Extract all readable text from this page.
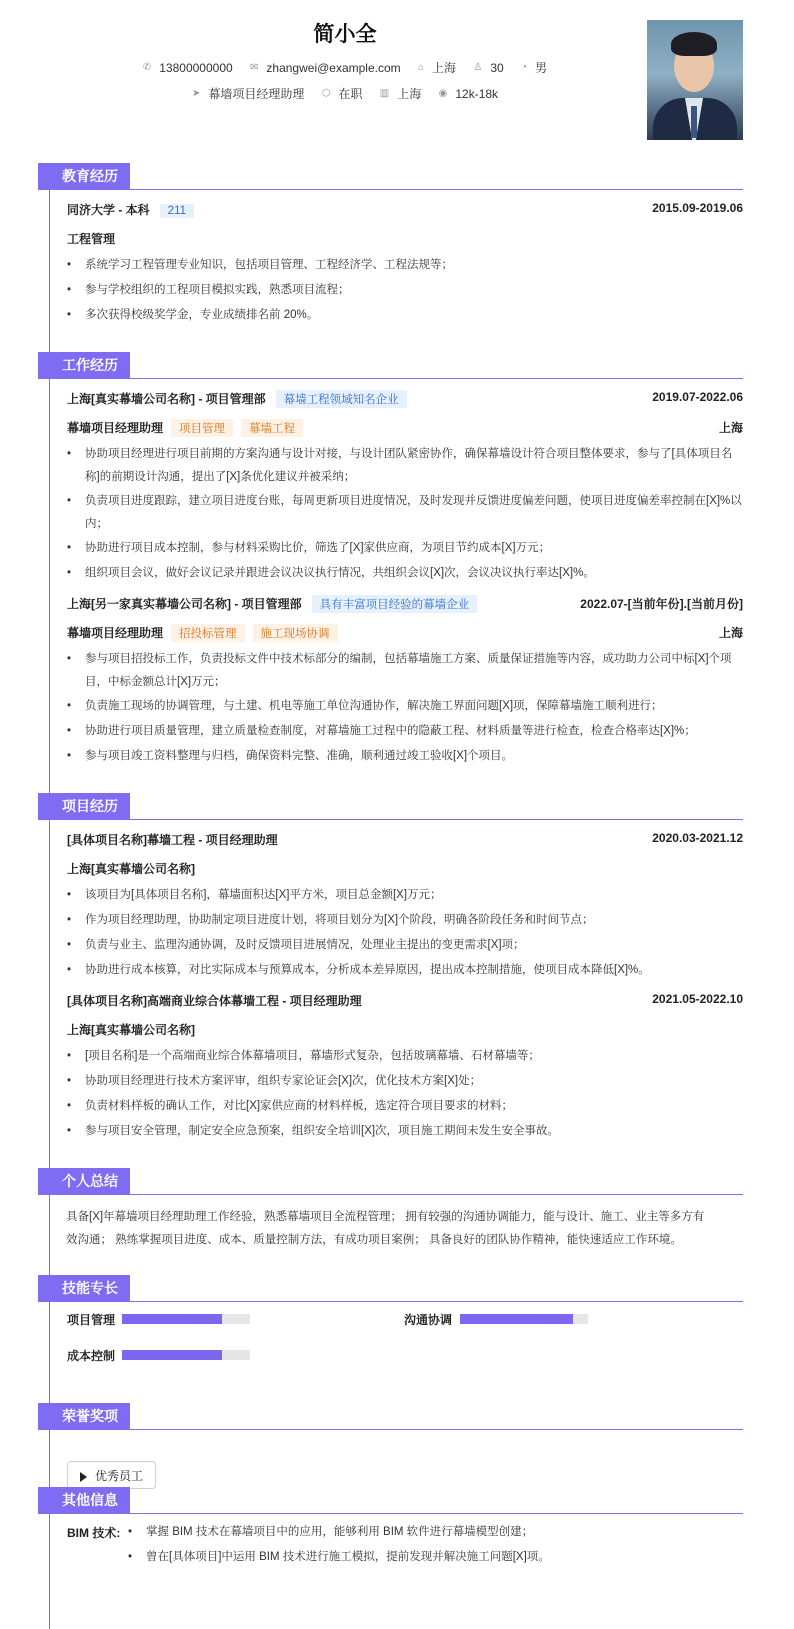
简小全
✆ 13800000000
✉ zhangwei@example.com
⌂ 上海
♙ 30
◔ 男
➤ 幕墙项目经理助理
⬡ 在职
▥ 上海
◉ 12k-18k
教育经历
同济大学 - 本科 211	2015.09-2019.06
工程管理
• 系统学习工程管理专业知识，包括项目管理、工程经济学、工程法规等；
• 参与学校组织的工程项目模拟实践，熟悉项目流程；
• 多次获得校级奖学金，专业成绩排名前 20%。
工作经历
上海[真实幕墙公司名称] - 项目管理部 幕墙工程领域知名企业	2019.07-2022.06
幕墙项目经理助理 项目管理 幕墙工程	上海
• 协助项目经理进行项目前期的方案沟通与设计对接，与设计团队紧密协作，确保幕墙设计符合项目整体要求，参与了[具体项目名称]的前期设计沟通，提出了[X]条优化建议并被采纳；
• 负责项目进度跟踪，建立项目进度台账，每周更新项目进度情况，及时发现并反馈进度偏差问题，使项目进度偏差率控制在[X]%以内；
• 协助进行项目成本控制，参与材料采购比价，筛选了[X]家供应商，为项目节约成本[X]万元；
• 组织项目会议，做好会议记录并跟进会议决议执行情况，共组织会议[X]次，会议决议执行率达[X]%。
上海[另一家真实幕墙公司名称] - 项目管理部 具有丰富项目经验的幕墙企业	2022.07-[当前年份].[当前月份]
幕墙项目经理助理 招投标管理 施工现场协调	上海
• 参与项目招投标工作，负责投标文件中技术标部分的编制，包括幕墙施工方案、质量保证措施等内容，成功助力公司中标[X]个项目，中标金额总计[X]万元；
• 负责施工现场的协调管理，与土建、机电等施工单位沟通协作，解决施工界面问题[X]项，保障幕墙施工顺利进行；
• 协助进行项目质量管理，建立质量检查制度，对幕墙施工过程中的隐蔽工程、材料质量等进行检查，检查合格率达[X]%；
• 参与项目竣工资料整理与归档，确保资料完整、准确，顺利通过竣工验收[X]个项目。
项目经历
[具体项目名称]幕墙工程 - 项目经理助理	2020.03-2021.12
上海[真实幕墙公司名称]
• 该项目为[具体项目名称]，幕墙面积达[X]平方米，项目总金额[X]万元；
• 作为项目经理助理，协助制定项目进度计划，将项目划分为[X]个阶段，明确各阶段任务和时间节点；
• 负责与业主、监理沟通协调，及时反馈项目进展情况，处理业主提出的变更需求[X]项；
• 协助进行成本核算，对比实际成本与预算成本，分析成本差异原因，提出成本控制措施，使项目成本降低[X]%。
[具体项目名称]高端商业综合体幕墙工程 - 项目经理助理	2021.05-2022.10
上海[真实幕墙公司名称]
• [项目名称]是一个高端商业综合体幕墙项目，幕墙形式复杂，包括玻璃幕墙、石材幕墙等；
• 协助项目经理进行技术方案评审，组织专家论证会[X]次，优化技术方案[X]处；
• 负责材料样板的确认工作，对比[X]家供应商的材料样板，选定符合项目要求的材料；
• 参与项目安全管理，制定安全应急预案，组织安全培训[X]次，项目施工期间未发生安全事故。
个人总结
具备[X]年幕墙项目经理助理工作经验，熟悉幕墙项目全流程管理； 拥有较强的沟通协调能力，能与设计、施工、业主等多方有
效沟通； 熟练掌握项目进度、成本、质量控制方法，有成功项目案例； 具备良好的团队协作精神，能快速适应工作环境。
技能专长
项目管理	沟通协调
成本控制
荣誉奖项
优秀员工
其他信息
BIM 技术:
•	掌握 BIM 技术在幕墙项目中的应用，能够利用 BIM 软件进行幕墙模型创建；
• 曾在[具体项目]中运用 BIM 技术进行施工模拟，提前发现并解决施工问题[X]项。
